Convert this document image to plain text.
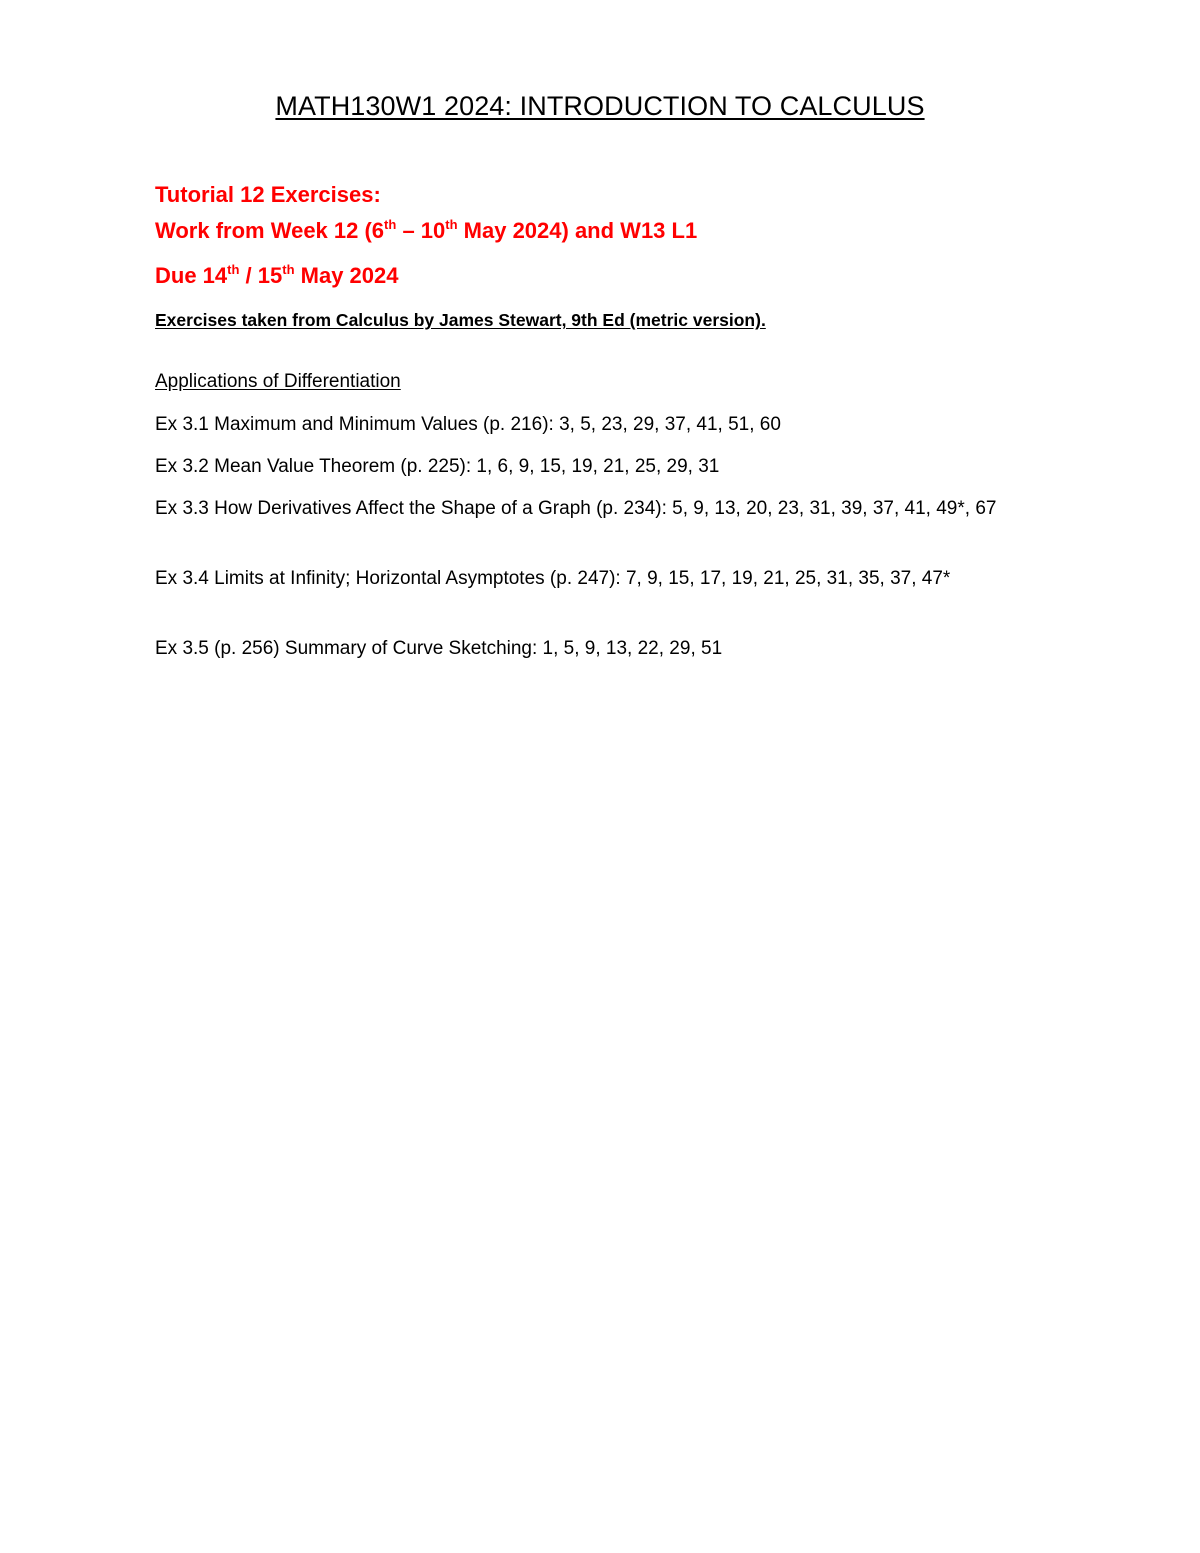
MATH130W1 2024: INTRODUCTION TO CALCULUS
Tutorial 12 Exercises:
Work from Week 12 (6th – 10th May 2024) and W13 L1
Due 14th / 15th May 2024
Exercises taken from Calculus by James Stewart, 9th Ed (metric version).
Applications of Differentiation
Ex 3.1 Maximum and Minimum Values (p. 216): 3, 5, 23, 29, 37, 41, 51, 60
Ex 3.2 Mean Value Theorem (p. 225): 1, 6, 9, 15, 19, 21, 25, 29, 31
Ex 3.3 How Derivatives Affect the Shape of a Graph (p. 234): 5, 9, 13, 20, 23, 31, 39, 37, 41, 49*, 67
Ex 3.4 Limits at Infinity; Horizontal Asymptotes (p. 247): 7, 9, 15, 17, 19, 21, 25, 31, 35, 37, 47*
Ex 3.5 (p. 256) Summary of Curve Sketching: 1, 5, 9, 13, 22, 29, 51
